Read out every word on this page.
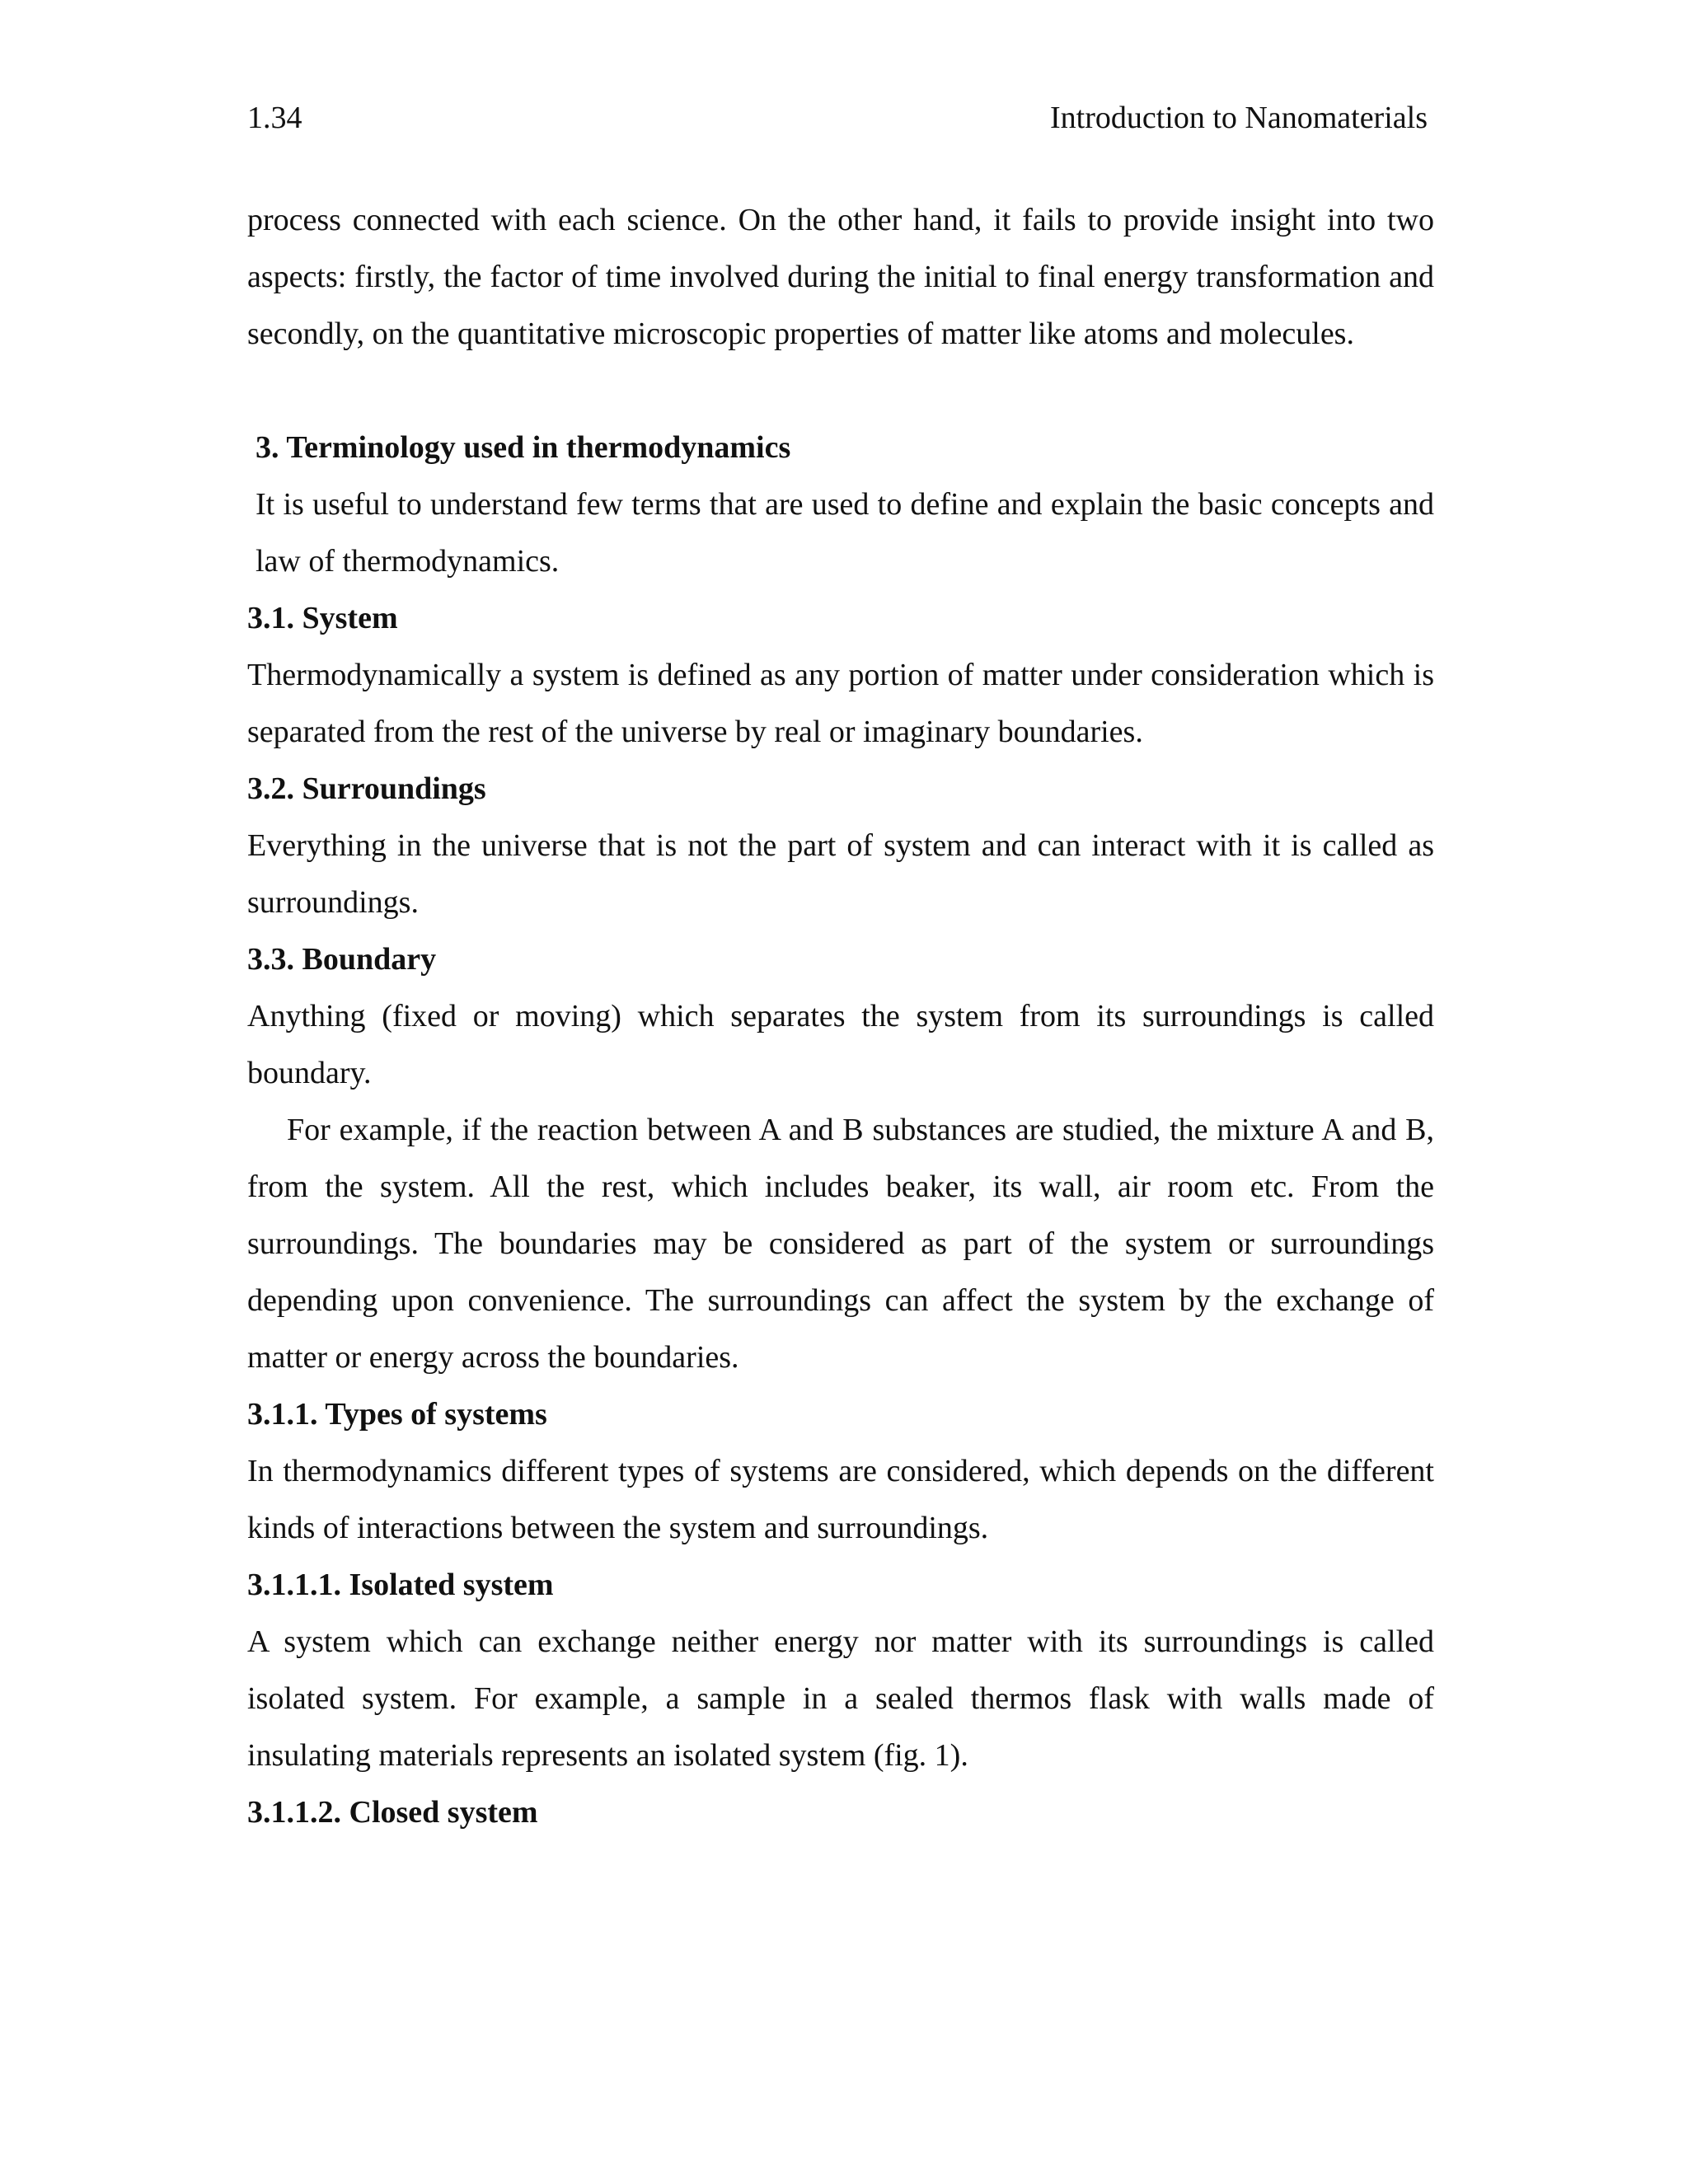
1.34	Introduction to Nanomaterials

process connected with each science. On the other hand, it fails to provide insight into two aspects: firstly, the factor of time involved during the initial to final energy transformation and secondly, on the quantitative microscopic properties of matter like atoms and molecules.

3. Terminology used in thermodynamics

It is useful to understand few terms that are used to define and explain the basic concepts and law of thermodynamics.

3.1. System

Thermodynamically a system is defined as any portion of matter under consideration which is separated from the rest of the universe by real or imaginary boundaries.

3.2. Surroundings

Everything in the universe that is not the part of system and can interact with it is called as surroundings.

3.3. Boundary

Anything (fixed or moving) which separates the system from its surroundings is called boundary.

For example, if the reaction between A and B substances are studied, the mixture A and B, from the system. All the rest, which includes beaker, its wall, air room etc. From the surroundings. The boundaries may be considered as part of the system or surroundings depending upon convenience. The surroundings can affect the system by the exchange of matter or energy across the boundaries.

3.1.1. Types of systems

In thermodynamics different types of systems are considered, which depends on the different kinds of interactions between the system and surroundings.

3.1.1.1. Isolated system

A system which can exchange neither energy nor matter with its surroundings is called isolated system. For example, a sample in a sealed thermos flask with walls made of insulating materials represents an isolated system (fig. 1).

3.1.1.2. Closed system
